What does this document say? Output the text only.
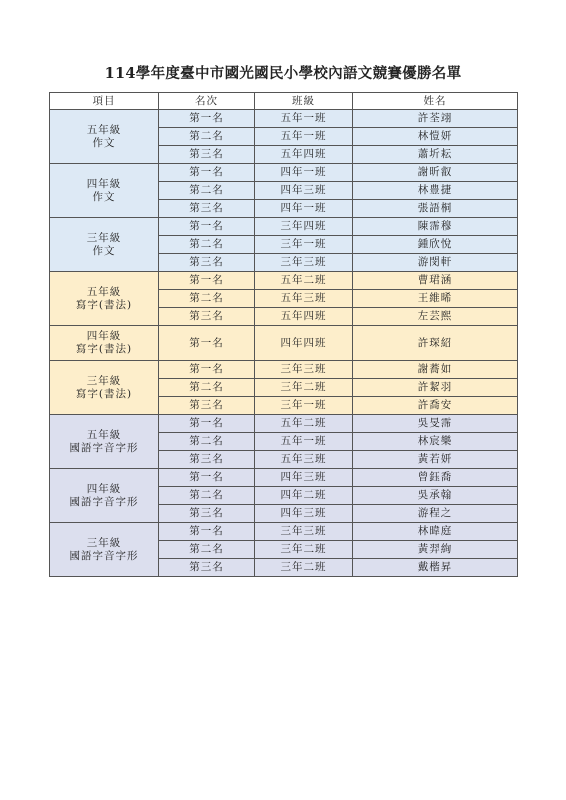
114學年度臺中市國光國民小學校內語文競賽優勝名單
項目	名次	班級	姓名

五年級
作文	第一名	五年一班	許荃翊
	第二名	五年一班	林愷妍
	第三名	五年四班	蕭圻耘

四年級
作文	第一名	四年一班	謝昕叡
	第二名	四年三班	林豊捷
	第三名	四年一班	張語桐

三年級
作文	第一名	三年四班	陳霈穆
	第二名	三年一班	鍾欣悅
	第三名	三年三班	游閔軒

五年級
寫字(書法)	第一名	五年二班	曹珺涵
	第二名	五年三班	王維晞
	第三名	五年四班	左芸熙

四年級
寫字(書法)	第一名	四年四班	許琛紹

三年級
寫字(書法)	第一名	三年三班	謝蕎如
	第二名	三年二班	許絜羽
	第三名	三年一班	許喬安

五年級
國語字音字形	第一名	五年二班	吳旻霈
	第二名	五年一班	林宸樂
	第三名	五年三班	黃若妍

四年級
國語字音字形	第一名	四年三班	曾鈺喬
	第二名	四年二班	吳承翰
	第三名	四年三班	游程之

三年級
國語字音字形	第一名	三年三班	林暐庭
	第二名	三年二班	黃羿絢
	第三名	三年二班	戴楷昇
